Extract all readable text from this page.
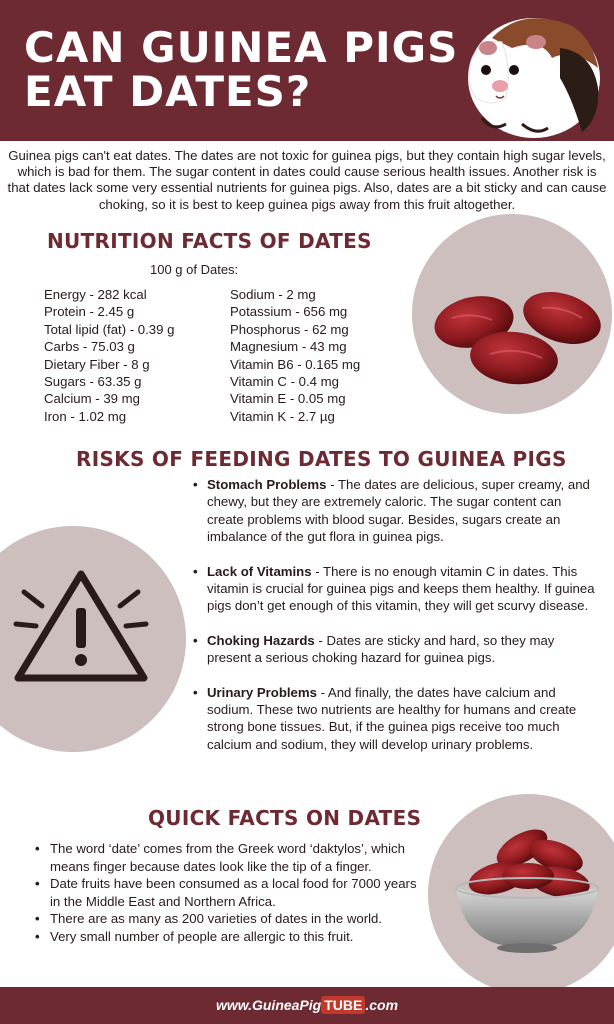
CAN GUINEA PIGS
EAT DATES?

Guinea pigs can't eat dates. The dates are not toxic for guinea pigs, but they contain high sugar levels, which is bad for them. The sugar content in dates could cause serious health issues. Another risk is that dates lack some very essential nutrients for guinea pigs. Also, dates are a bit sticky and can cause choking, so it is best to keep guinea pigs away from this fruit altogether.

NUTRITION FACTS OF DATES
100 g of Dates:
Energy - 282 kcal
Protein - 2.45 g
Total lipid (fat) - 0.39 g
Carbs - 75.03 g
Dietary Fiber - 8 g
Sugars - 63.35 g
Calcium - 39 mg
Iron - 1.02 mg
Sodium - 2 mg
Potassium - 656 mg
Phosphorus - 62 mg
Magnesium - 43 mg
Vitamin B6 - 0.165 mg
Vitamin C - 0.4 mg
Vitamin E - 0.05 mg
Vitamin K - 2.7 µg
RISKS OF FEEDING DATES TO GUINEA PIGS
• Stomach Problems - The dates are delicious, super creamy, and chewy, but they are extremely caloric. The sugar content can create problems with blood sugar. Besides, sugars create an imbalance of the gut flora in guinea pigs.
• Lack of Vitamins - There is no enough vitamin C in dates. This vitamin is crucial for guinea pigs and keeps them healthy. If guinea pigs don’t get enough of this vitamin, they will get scurvy disease.
• Choking Hazards - Dates are sticky and hard, so they may present a serious choking hazard for guinea pigs.
• Urinary Problems - And finally, the dates have calcium and sodium. These two nutrients are healthy for humans and create strong bone tissues. But, if the guinea pigs receive too much calcium and sodium, they will develop urinary problems.
QUICK FACTS ON DATES
• The word ‘date’ comes from the Greek word ‘daktylos’, which means finger because dates look like the tip of a finger.
• Date fruits have been consumed as a local food for 7000 years in the Middle East and Northern Africa.
• There are as many as 200 varieties of dates in the world.
• Very small number of people are allergic to this fruit.
www.GuineaPig TUBE .com
